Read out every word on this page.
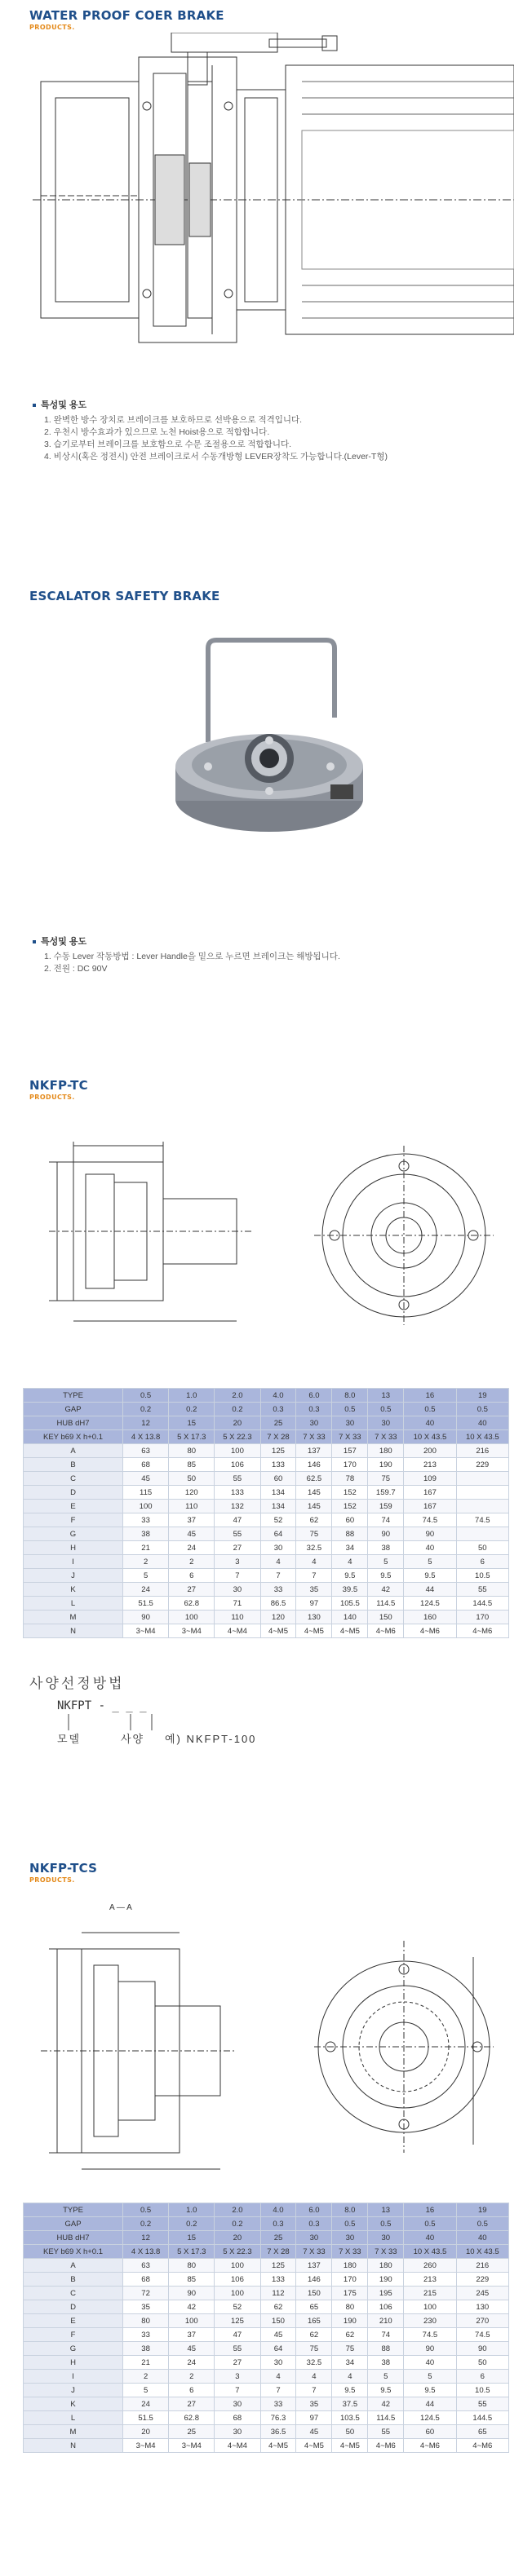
WATER PROOF COER BRAKE
PRODUCTS.
특성및 용도
1. 완벽한 방수 장치로 브레이크를 보호하므로 선박용으로 적격입니다.
2. 우천시 방수효과가 있으므로 노천 Hoist용으로 적합합니다.
3. 습기로부터 브레이크를 보호함으로 수문 조절용으로 적합합니다.
4. 비상시(혹은 정전시) 안전 브레이크로서 수동개방형 LEVER장착도 가능합니다.(Lever-T형)
ESCALATOR SAFETY BRAKE
특성및 용도
1. 수동 Lever 작동방법 : Lever Handle을 밑으로 누르면 브레이크는 해방됩니다.
2. 전원 : DC 90V
NKFP-TC
PRODUCTS.
TYPE	0.5	1.0	2.0	4.0	6.0	8.0	13	16	19
GAP	0.2	0.2	0.2	0.3	0.3	0.5	0.5	0.5	0.5
HUB dH7	12	15	20	25	30	30	30	40	40
KEY b69 X h+0.1	4 X 13.8	5 X 17.3	5 X 22.3	7 X 28	7 X 33	7 X 33	7 X 33	10 X 43.5	10 X 43.5
A	63	80	100	125	137	157	180	200	216
B	68	85	106	133	146	170	190	213	229
C	45	50	55	60	62.5	78	75	109	
D	115	120	133	134	145	152	159.7	167	
E	100	110	132	134	145	152	159	167	
F	33	37	47	52	62	60	74	74.5	74.5
G	38	45	55	64	75	88	90	90	
H	21	24	27	30	32.5	34	38	40	50
I	2	2	3	4	4	4	5	5	6
J	5	6	7	7	7	9.5	9.5	9.5	10.5
K	24	27	30	33	35	39.5	42	44	55
L	51.5	62.8	71	86.5	97	105.5	114.5	124.5	144.5
M	90	100	110	120	130	140	150	160	170
N	3~M4	3~M4	4~M4	4~M5	4~M5	4~M5	4~M6	4~M6	4~M6
사양선정방법
NKFPT - _ _ _
모델	사양 예) NKFPT-100
NKFP-TCS
PRODUCTS.
A — A
TYPE	0.5	1.0	2.0	4.0	6.0	8.0	13	16	19
GAP	0.2	0.2	0.2	0.3	0.3	0.5	0.5	0.5	0.5
HUB dH7	12	15	20	25	30	30	30	40	40
KEY b69 X h+0.1	4 X 13.8	5 X 17.3	5 X 22.3	7 X 28	7 X 33	7 X 33	7 X 33	10 X 43.5	10 X 43.5
A	63	80	100	125	137	180	180	260	216
B	68	85	106	133	146	170	190	213	229
C	72	90	100	112	150	175	195	215	245
D	35	42	52	62	65	80	106	100	130
E	80	100	125	150	165	190	210	230	270
F	33	37	47	45	62	62	74	74.5	74.5
G	38	45	55	64	75	75	88	90	90
H	21	24	27	30	32.5	34	38	40	50
I	2	2	3	4	4	4	5	5	6
J	5	6	7	7	7	9.5	9.5	9.5	10.5
K	24	27	30	33	35	37.5	42	44	55
L	51.5	62.8	68	76.3	97	103.5	114.5	124.5	144.5
M	20	25	30	36.5	45	50	55	60	65
N	3~M4	3~M4	4~M4	4~M5	4~M5	4~M5	4~M6	4~M6	4~M6
